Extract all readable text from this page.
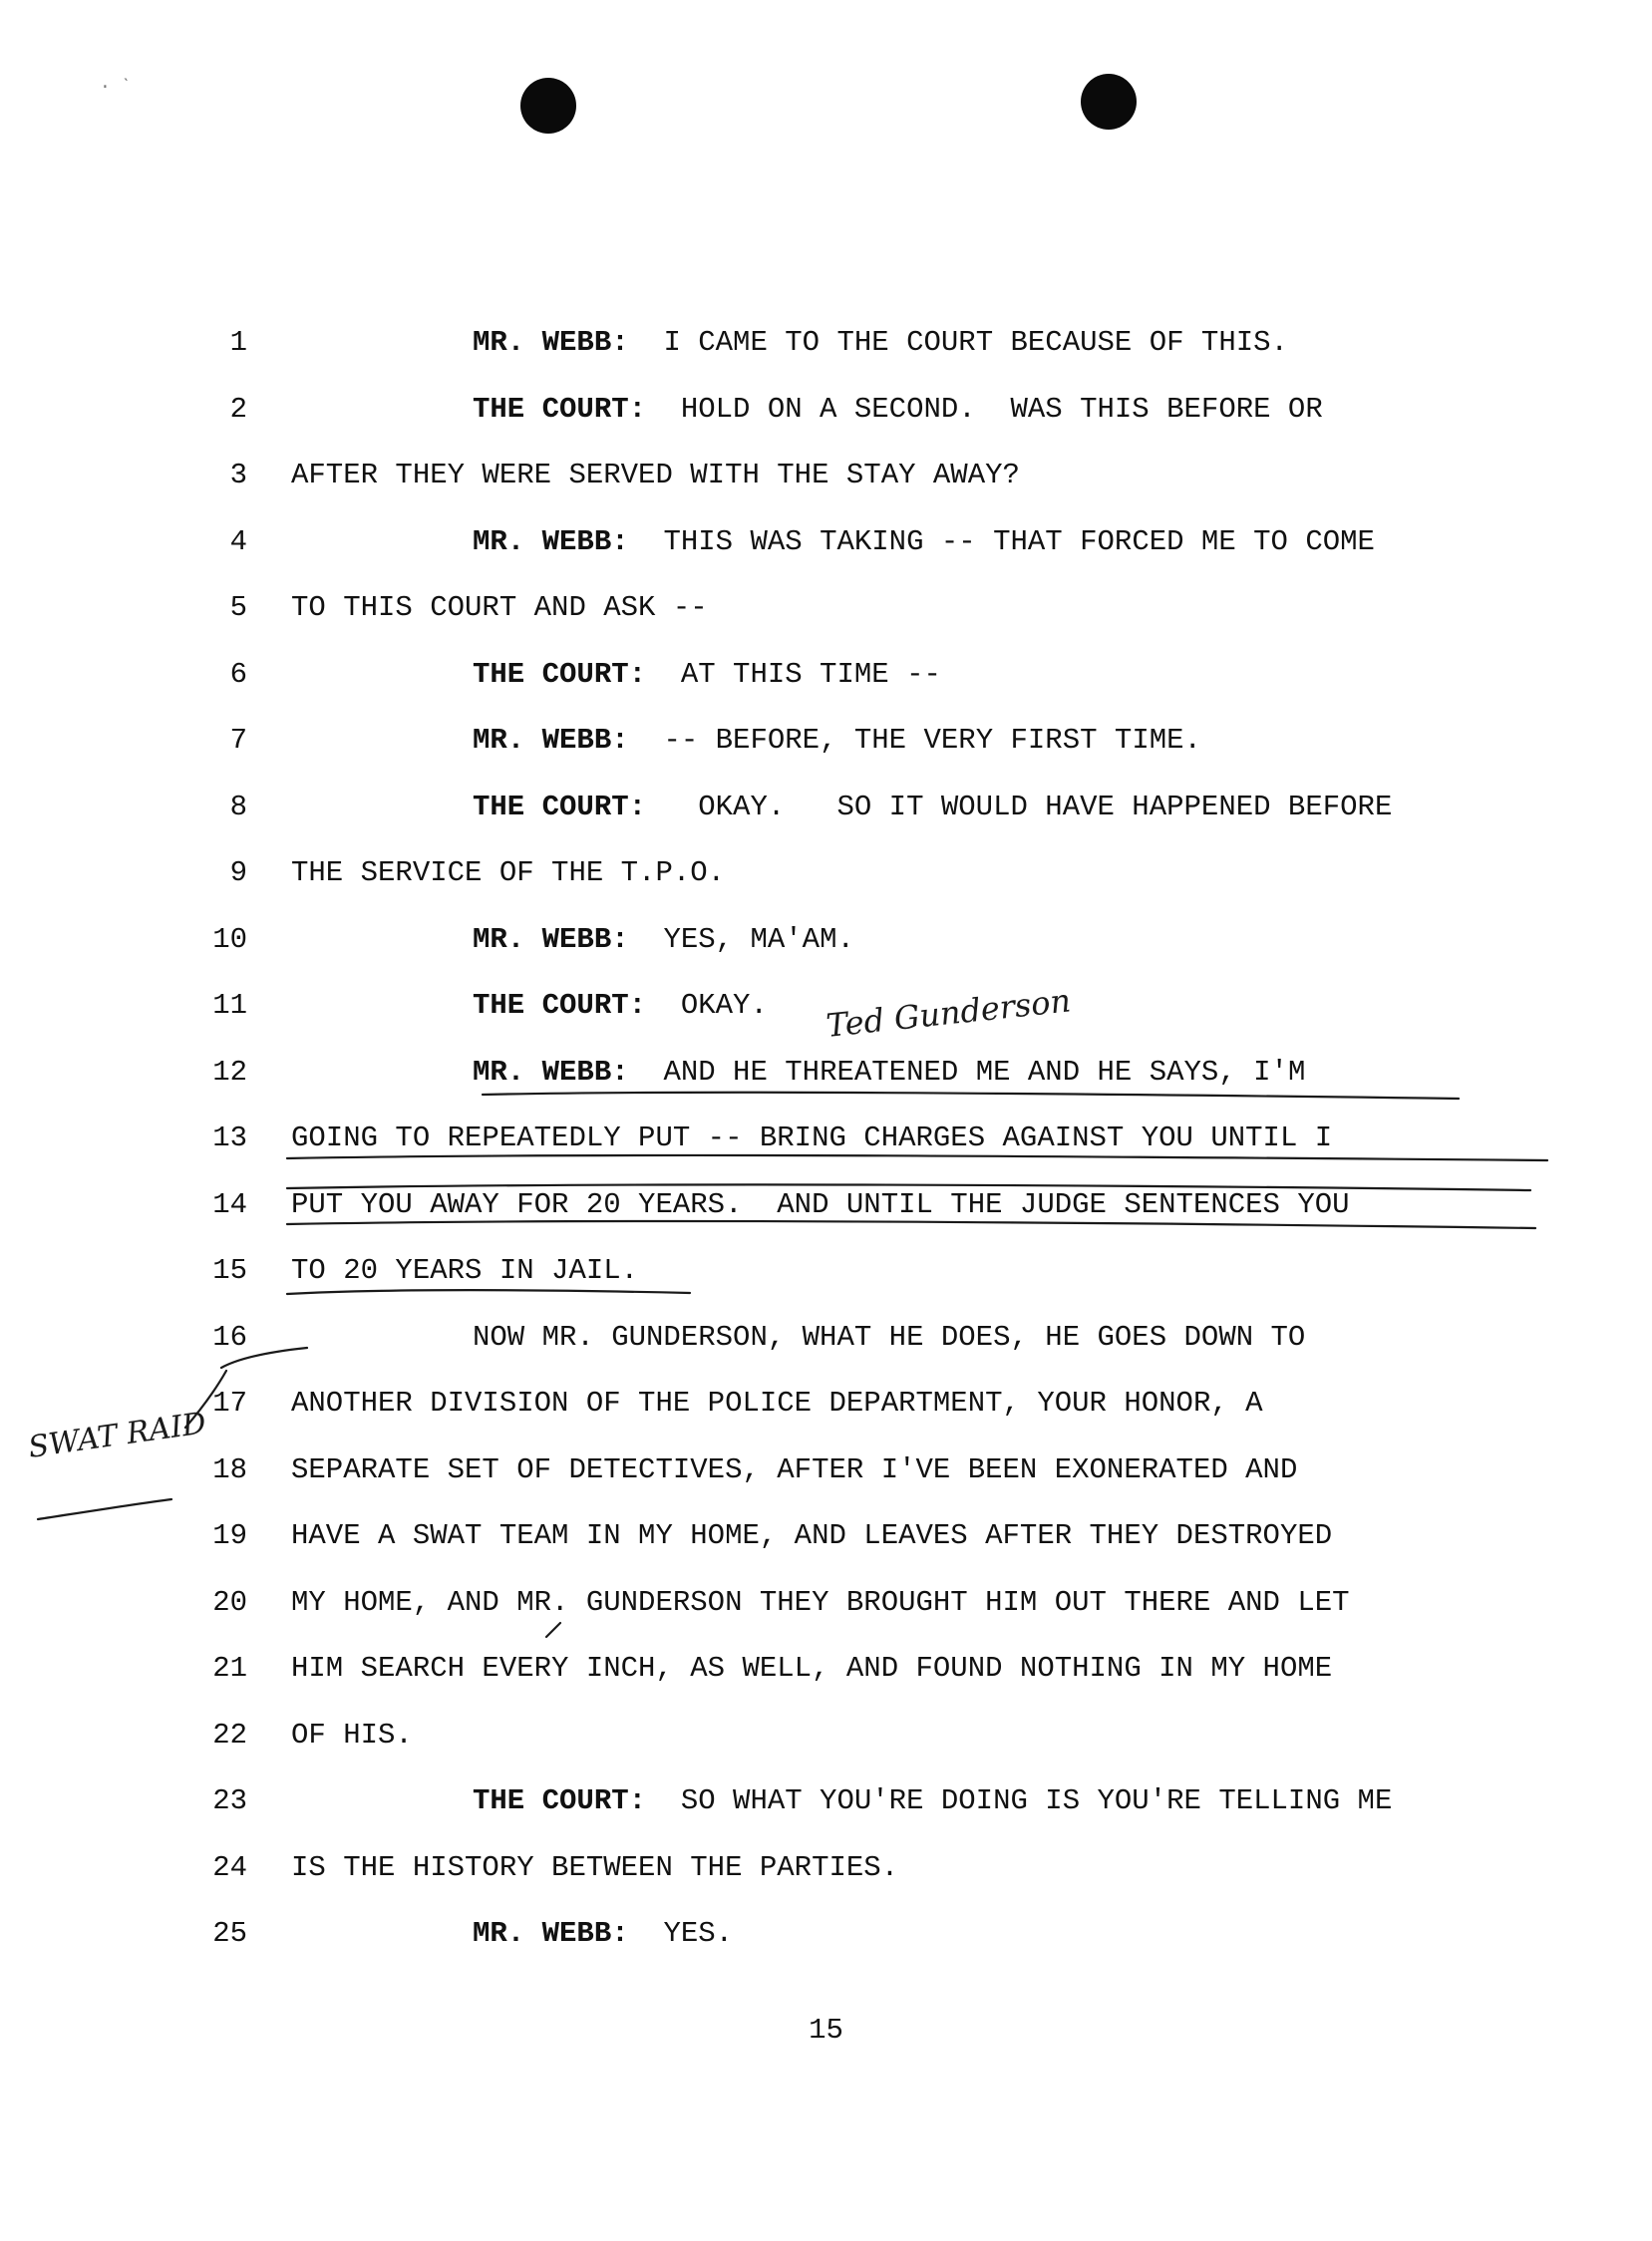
· ˋ
1	MR. WEBB:  I CAME TO THE COURT BECAUSE OF THIS.
2	THE COURT:  HOLD ON A SECOND.  WAS THIS BEFORE OR
3 AFTER THEY WERE SERVED WITH THE STAY AWAY?
4	MR. WEBB:  THIS WAS TAKING -- THAT FORCED ME TO COME
5 TO THIS COURT AND ASK --
6	THE COURT:  AT THIS TIME --
7	MR. WEBB:  -- BEFORE, THE VERY FIRST TIME.
8	THE COURT:   OKAY.   SO IT WOULD HAVE HAPPENED BEFORE
9 THE SERVICE OF THE T.P.O.
10	MR. WEBB:  YES, MA'AM.
11	THE COURT:  OKAY.
12	MR. WEBB:  AND HE THREATENED ME AND HE SAYS, I'M
13 GOING TO REPEATEDLY PUT -- BRING CHARGES AGAINST YOU UNTIL I
14 PUT YOU AWAY FOR 20 YEARS.  AND UNTIL THE JUDGE SENTENCES YOU
15 TO 20 YEARS IN JAIL.
16	NOW MR. GUNDERSON, WHAT HE DOES, HE GOES DOWN TO
17 ANOTHER DIVISION OF THE POLICE DEPARTMENT, YOUR HONOR, A
18 SEPARATE SET OF DETECTIVES, AFTER I'VE BEEN EXONERATED AND
19 HAVE A SWAT TEAM IN MY HOME, AND LEAVES AFTER THEY DESTROYED
20 MY HOME, AND MR. GUNDERSON THEY BROUGHT HIM OUT THERE AND LET
21 HIM SEARCH EVERY INCH, AS WELL, AND FOUND NOTHING IN MY HOME
22 OF HIS.
23	THE COURT:  SO WHAT YOU'RE DOING IS YOU'RE TELLING ME
24 IS THE HISTORY BETWEEN THE PARTIES.
25	MR. WEBB:  YES.
15
Ted Gunderson
SWAT RAID
